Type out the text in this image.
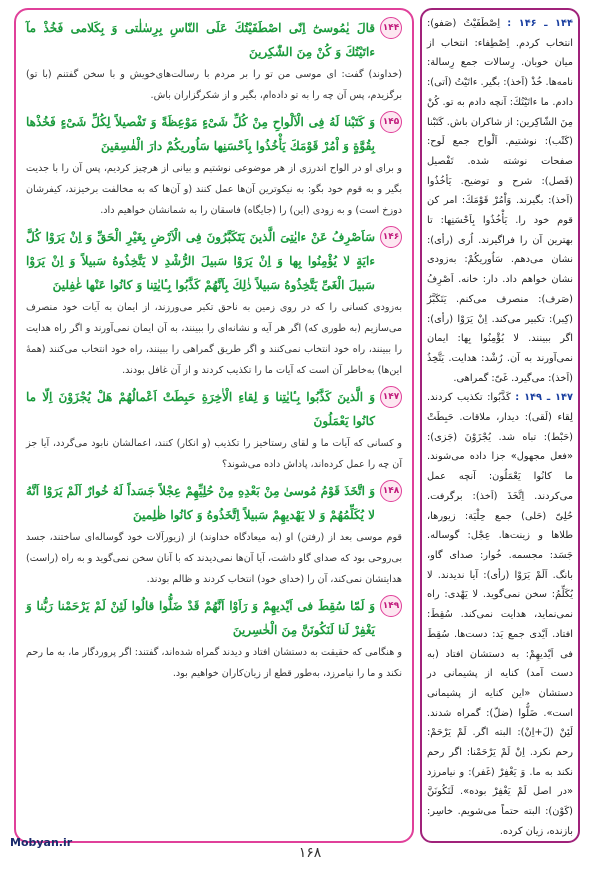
۱۴۴
قالَ يٰمُوسىٰٓ اِنّى اصْطَفَيْتُكَ عَلَى النّاسِ بِرِسٰلٰتى وَ بِكَلامى فَخُذْ مآ ءاتَيْتُكَ وَ كُنْ مِنَ الشّٰكِرينَ

(خداوند) گفت: اى موسى من تو را بر مردم با رسالت‌هاى‌خويش و با سخن گفتنم (با تو) برگزيدم، پس آن چه را به تو داده‌ام، بگير و از شكرگزاران باش.

۱۴۵
وَ كَتَبْنا لَهُ فِى الْاَلْواحِ مِنْ كُلِّ شَىْءٍ مَوْعِظَةً وَ تَفْصيلاً لِكُلِّ شَىْءٍ فَخُذْها بِقُوَّةٍ وَ اْمُرْ قَوْمَكَ يَأْخُذُوا بِاَحْسَنِها سَاُوريكُمْ دارَ الْفٰسِقينَ

و براى او در الواح اندرزى از هر موضوعى نوشتيم و بيانى از هرچيز كرديم، پس آن را با جديت بگير و به قوم خود بگو: به نيكوترين آن‌ها عمل كنند (و آن‌ها كه به مخالفت برخيزند، كيفرشان دوزخ است) و به زودى (اين) را (جايگاه) فاسقان را به شمانشان خواهيم داد.

۱۴۶
سَاَصْرِفُ عَنْ ءايٰتِىَ الَّذينَ يَتَكَبَّرُونَ فِى الْاَرْضِ بِغَيْرِ الْحَقِّ وَ اِنْ يَرَوْا كُلَّ ءايَةٍ لا يُؤْمِنُوا بِها وَ اِنْ يَرَوْا سَبيلَ الرُّشْدِ لا يَتَّخِذُوهُ سَبيلاً وَ اِنْ يَرَوْا سَبيلَ الْغَىِّ يَتَّخِذُوهُ سَبيلاً ذٰلِكَ بِاَنَّهُمْ كَذَّبُوا بِـٔايٰتِنا وَ كانُوا عَنْها غٰفِلينَ

به‌زودى كسانى را كه در روى زمين به ناحق تكبر مى‌ورزند، از ايمان به آيات خود منصرف مى‌سازيم (به طورى كه) اگر هر آيه و نشانه‌اى را ببينند، به آن ايمان نمى‌آورند و اگر راه هدايت را ببينند، راه خود انتخاب نمى‌كنند و اگر طريق گمراهى را ببينند، راه خود انتخاب مى‌كنند (همهٔ اين‌ها) به‌خاطر آن است كه آيات ما را تكذيب كردند و از آن غافل بودند.

۱۴۷
وَ الَّذينَ كَذَّبُوا بِـٔايٰتِنا وَ لِقاءِ الْاٰخِرَةِ حَبِطَتْ اَعْمالُهُمْ هَلْ يُجْزَوْنَ اِلّا ما كانُوا يَعْمَلُونَ

و كسانى كه آيات ما و لقاى رستاخيز را تكذيب (و انكار) كنند، اعمالشان نابود مى‌گردد، آيا جز آن چه را عمل كرده‌اند، پاداش داده مى‌شوند؟

۱۴۸
وَ اتَّخَذَ قَوْمُ مُوسىٰ مِنْ بَعْدِهِ مِنْ حُلِيِّهِمْ عِجْلاً جَسَداً لَهُ خُوارٌ اَلَمْ يَرَوْا اَنَّهُ لا يُكَلِّمُهُمْ وَ لا يَهْديهِمْ سَبيلاً اِتَّخَذُوهُ وَ كانُوا ظٰلِمينَ

قوم موسى بعد از (رفتن) او (به ميعادگاه خداوند) از (زيورآلات خود گوساله‌اى ساختند، جسد بى‌روحى بود كه صداى گاو داشت، آيا آن‌ها نمى‌ديدند كه با آنان سخن نمى‌گويد و به راه (راست) هدايتشان نمى‌كند، آن را (خداى خود) انتخاب كردند و ظالم بودند.

۱۴۹
وَ لَمّا سُقِطَ فى اَيْديهِمْ وَ رَاَوْا اَنَّهُمْ قَدْ ضَلُّوا قالُوا لَئِنْ لَمْ يَرْحَمْنا رَبُّنا وَ يَغْفِرْ لَنا لَنَكُونَنَّ مِنَ الْخٰسِرينَ

و هنگامى كه حقيقت به دستشان افتاد و ديدند گمراه شده‌اند، گفتند: اگر پروردگار ما، به ما رحم نكند و ما را نيامرزد، به‌طور قطع از زيان‌كاران خواهيم بود.

۱۴۴ ـ ۱۴۶ : اِصْطَفَيْتُ (صَفو): انتخاب كردم. اِصْطِفاء: انتخاب از ميان خوبان. رِسالات جمع رِسالة: نامه‌ها. خُذْ (اَخذ): بگير. ءاتَيْتُ (اَتى): دادم. ما ءاتَيْتُكَ: آنچه دادم به تو. كُنْ مِنَ الشّاكِرين: از شاكران باش. كَتَبْنا (كَتْب): نوشتيم. اَلْواح جمع لَوح: صفحات نوشته شده. تَفْصيل (فَصل): شرح و توضيح. يَأخُذُوا (اَخذ): بگيرند. وَاْمُرْ قَوْمَكَ: امر كن قوم خود را. يَأْخُذُوا بِاَحْسَنِها: تا بهترين آن را فراگيرند. اُرى (رأى): نشان مى‌دهم. سَاُوريكُمْ: به‌زودى نشان خواهم داد. دار: خانه. اَصْرِفُ (صَرف): منصرف مى‌كنم. يَتَكَبَّرُ (كِبر): تكبير مى‌كند. اِنْ يَرَوْا (رأى): اگر ببينند. لا يُؤْمِنُوا بِها: ايمان نمى‌آورند به آن. رُشْد: هدايت. يَتَّخِذُ (اَخذ): مى‌گيرد. غَىّ: گمراهى.

۱۴۷ ـ ۱۴۹ : كَذَّبُوا: تكذيب كردند. لِقاء (لَقى): ديدار، ملاقات. حَبِطَتْ (حَبْط): تباه شد. يُجْزَوْنَ (جَزى): «فعل مجهول» جزا داده مى‌شوند. ما كانُوا يَعْمَلُون: آنچه عمل مى‌كردند. اِتَّخَذَ (اَخذ): برگرفت. حُلِىّ (حَلى) جمع حِلْيَة: زيورها، طلاها و زينت‌ها. عِجْل: گوساله. جَسَد: مجسمه. خُوار: صداى گاو، بانگ. اَلَمْ يَرَوْا (رأى): آيا نديدند. لا يُكَلِّمُ: سخن نمى‌گويد. لا يَهْدى: راه نمى‌نمايد، هدايت نمى‌كند. سُقِطَ: افتاد. اَيْدى جمع يَد: دست‌ها. سُقِطَ فى اَيْديهِمْ: به دستشان افتاد (به دست آمد) كنايه از پشيمانى در دستشان «اين كنايه از پشيمانى است». ضَلُّوا (ضلّ): گمراه شدند. لَئِنْ (لَ+اِنْ): البته اگر. لَمْ يَرْحَمْ: رحم نكرد. اِنْ لَمْ يَرْحَمْنا: اگر رحم نكند به ما. وَ يَغْفِرْ (غَفر): و نيامرزد «در اصل لَمْ يَغْفِرْ بوده». لَنَكُونَنَّ (كَوْن): البته حتماً مى‌شويم. خاسِر: بازنده، زيان كرده.

Mobyan.ir
۱۶۸
